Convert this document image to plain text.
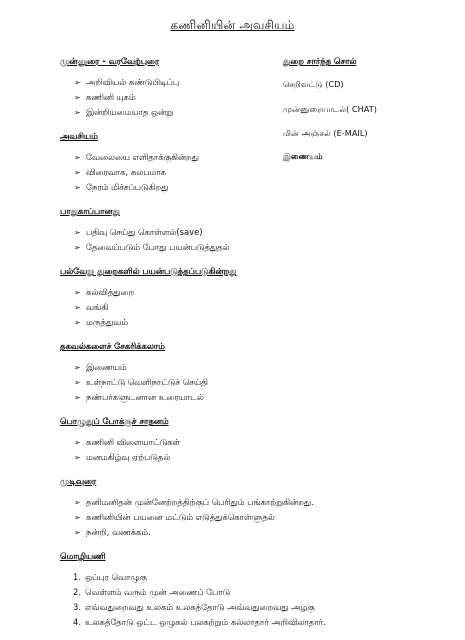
கணினியின் அவசியம்

துறை சார்ந்த சொல்

செறிவட்டு (CD)

முன்னுரையாடல்( CHAT)

மின் அஞ்சல் (E-MAIL)

இணையம்

முன்னுரை - வரவேற்புரை

➢ அறிவியல் கண்டுபிடிப்பு
➢ கணினி யுகம்
➢ இன்றியமையாத ஒன்று

அவசியம்

➢ வேலையை எளிதாக்குகின்றது
➢ விரைவாக, சுலபமாக
➢ நேரம் மிச்சப்படுகிறது

பாதுகாப்பானது

➢ பதிவு செய்து கொள்ளல்(save)
➢ தேவைப்படும் போது பயன்படுத்துதல்

பல்வேறு துறைகளில் பயன்படுத்தப்படுகின்றது

➢ கல்வித்துறை
➢ வங்கி
➢ மருத்துவம்

தகவல்களைச் சேகரிக்கலாம்

➢ இணையம்
➢ உள்நாட்டு வெளிநாட்டுச் செய்தி
➢ நண்பர்களுடனான உரையாடல்

பொழுதுப் போக்குச் சாதனம்

➢ கணினி விளையாட்டுகள்
➢ மனமகிழ்வு ஏற்படுதல்

முடிவுரை

➢ தனிமனிதன் முன்னேற்றத்திற்குப் பெரிதும் பங்காற்றுகின்றது.
➢ கணினியின் பயனை மட்டும் எடுத்துக்கொள்ளுதல்
➢ நன்றி, வணக்கம்.

மொழியணி

1. ஒப்புர வொழுகு
2. வெள்ளம் வரும் முன் அணைப் போடு
3. எவ்வதுறைவது உலகம் உலகத்தோடு அவ்வதுறைவது அழகு
4. உலகத்தோடு ஒட்ட ஒழுகல் பலகற்றும் கல்லாதார் அறிவிலாதார்.
